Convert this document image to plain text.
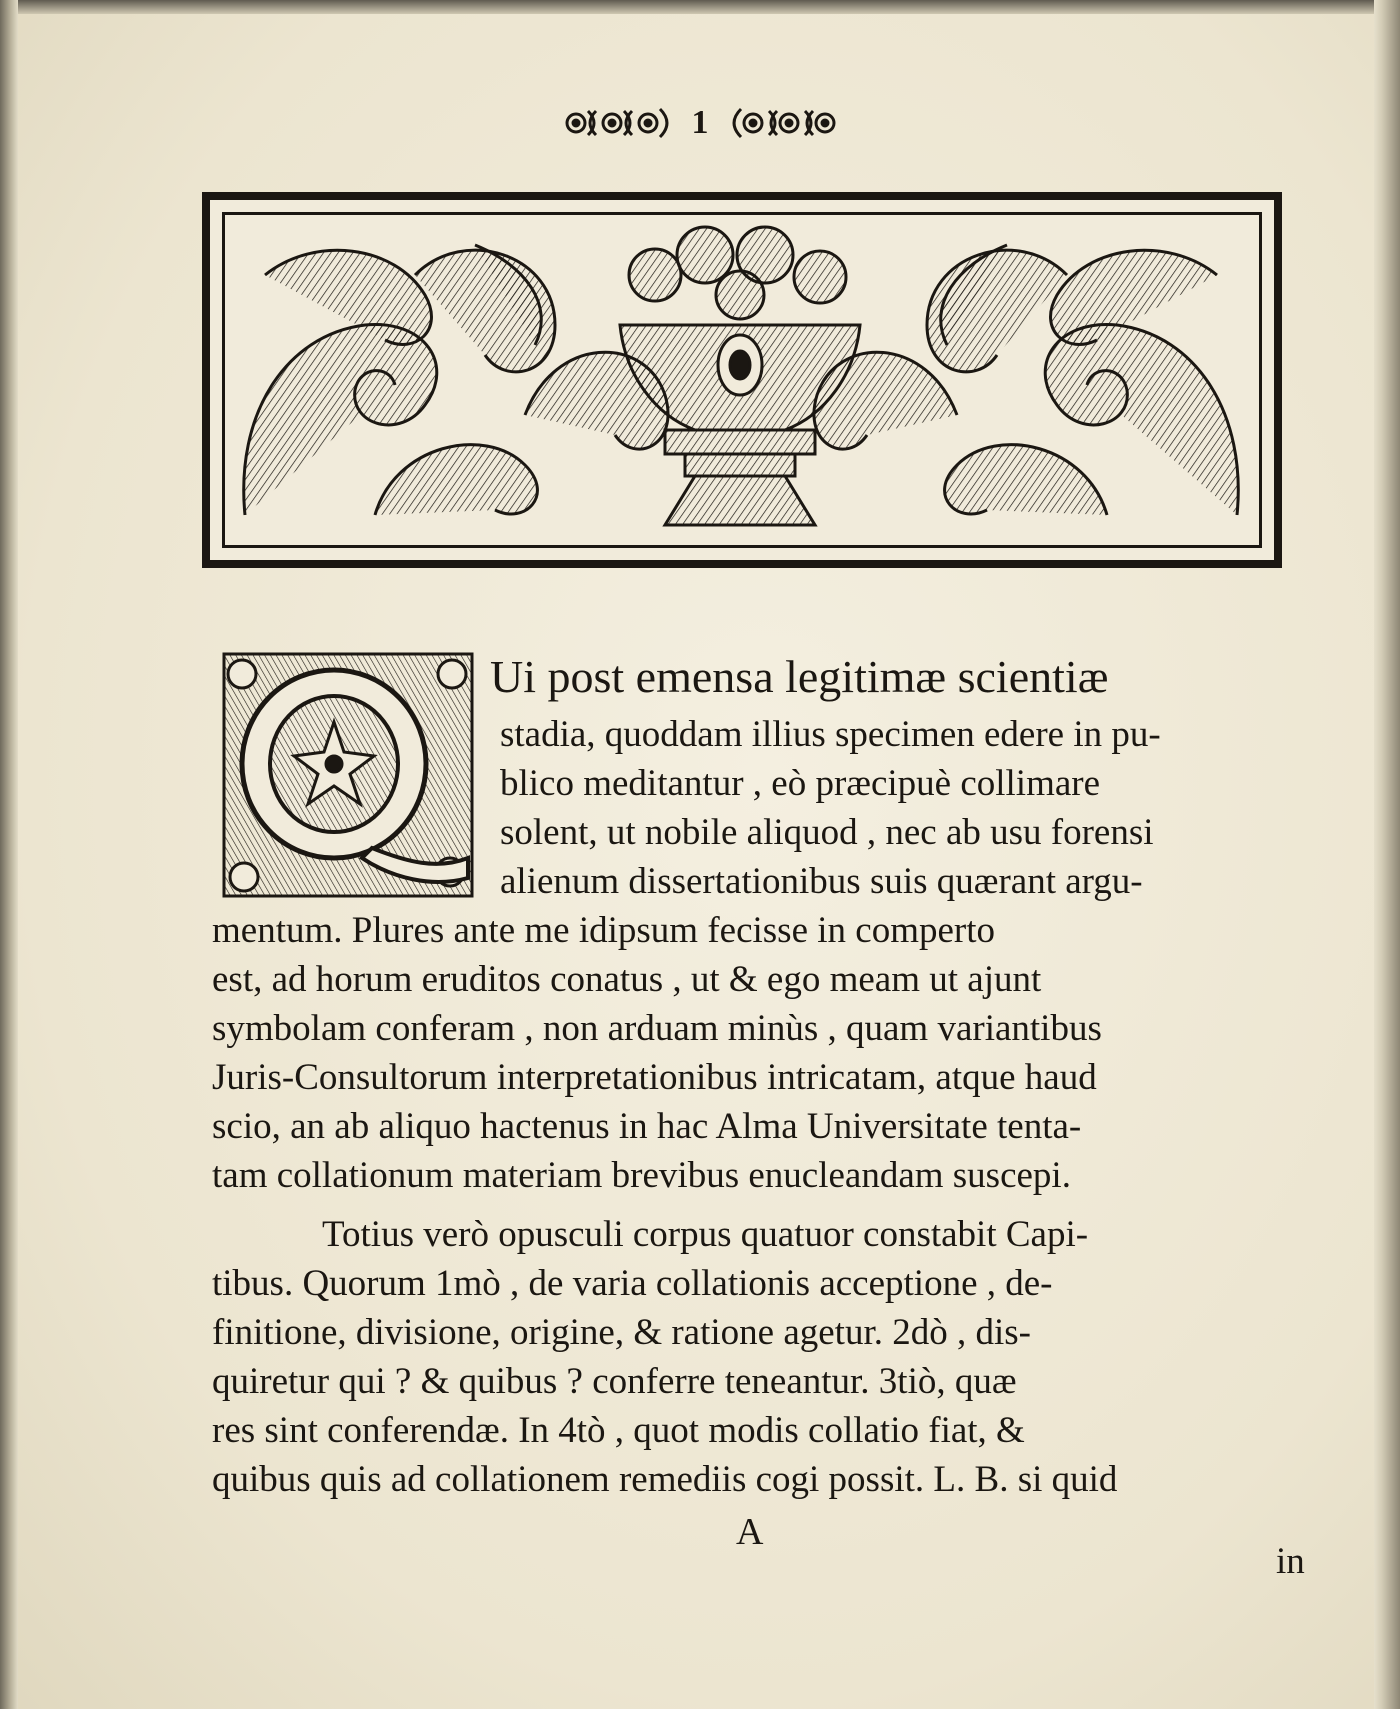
1
Ui post emensa legitimæ scientiæ
stadia, quoddam illius specimen edere in pu-
blico meditantur , eò præcipuè collimare
solent, ut nobile aliquod , nec ab usu forensi
alienum dissertationibus suis quærant argu-
mentum. Plures ante me idipsum fecisse in comperto
est, ad horum eruditos conatus , ut & ego meam ut ajunt
symbolam conferam , non arduam minùs , quam variantibus
Juris-Consultorum interpretationibus intricatam, atque haud
scio, an ab aliquo hactenus in hac Alma Universitate tenta-
tam collationum materiam brevibus enucleandam suscepi.
Totius verò opusculi corpus quatuor constabit Capi-
tibus. Quorum 1mò , de varia collationis acceptione , de-
finitione, divisione, origine, & ratione agetur. 2dò , dis-
quiretur qui ? & quibus ? conferre teneantur. 3tiò, quæ
res sint conferendæ. In 4tò , quot modis collatio fiat, &
quibus quis ad collationem remediis cogi possit. L. B. si quid
A
in
